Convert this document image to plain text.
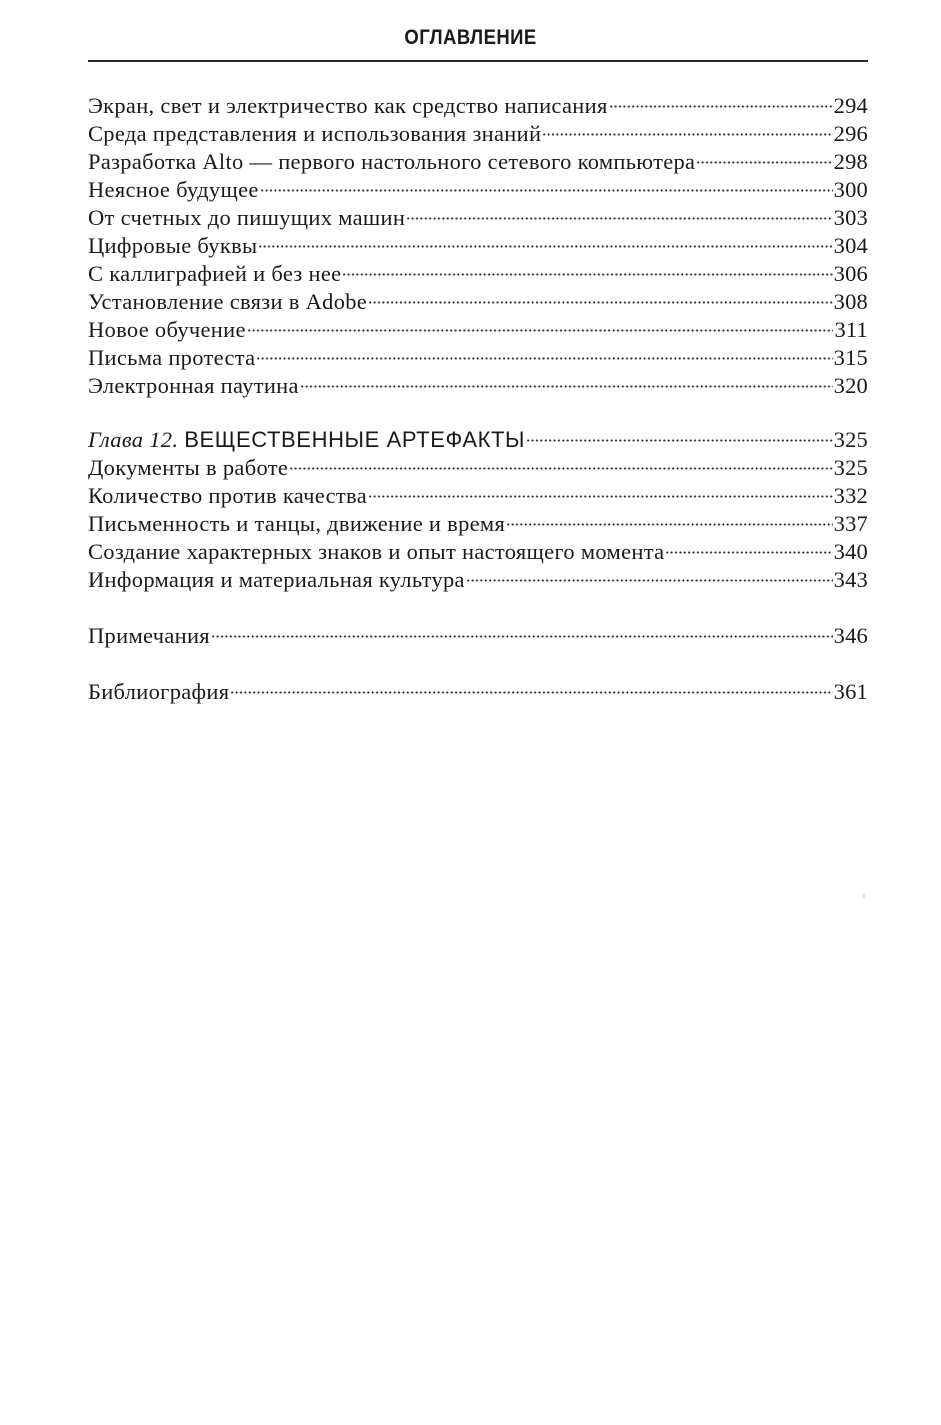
ОГЛАВЛЕНИЕ
Экран, свет и электричество как средство написания	294
Среда представления и использования знаний	296
Разработка Alto — первого настольного сетевого компьютера	298
Неясное будущее	300
От счетных до пишущих машин	303
Цифровые буквы	304
С каллиграфией и без нее	306
Установление связи в Adobe	308
Новое обучение	311
Письма протеста	315
Электронная паутина	320
Глава 12. ВЕЩЕСТВЕННЫЕ АРТЕФАКТЫ	325
Документы в работе	325
Количество против качества	332
Письменность и танцы, движение и время	337
Создание характерных знаков и опыт настоящего момента	340
Информация и материальная культура	343
Примечания	346
Библиография	361
